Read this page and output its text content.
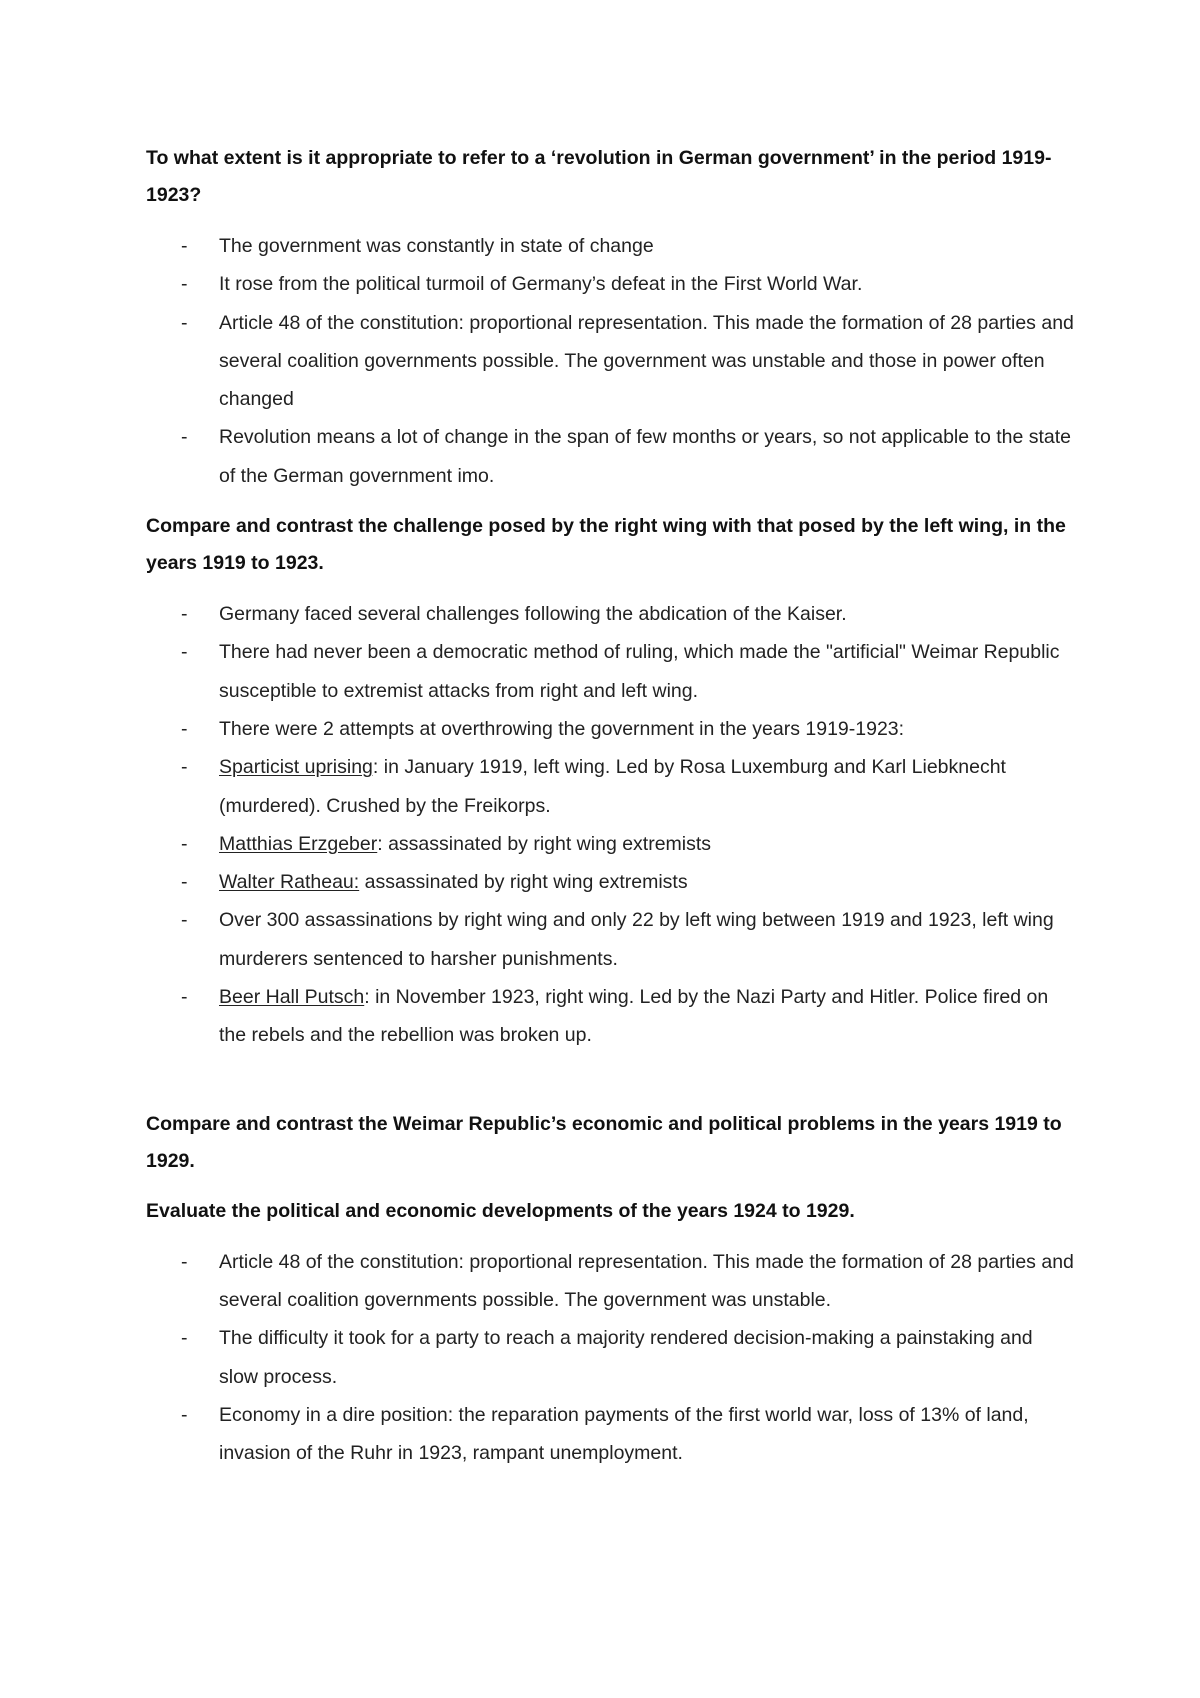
To what extent is it appropriate to refer to a ‘revolution in German government’ in the period 1919-1923?

- The government was constantly in state of change
- It rose from the political turmoil of Germany’s defeat in the First World War.
- Article 48 of the constitution: proportional representation. This made the formation of 28 parties and several coalition governments possible. The government was unstable and those in power often changed
- Revolution means a lot of change in the span of few months or years, so not applicable to the state of the German government imo.

Compare and contrast the challenge posed by the right wing with that posed by the left wing, in the years 1919 to 1923.

- Germany faced several challenges following the abdication of the Kaiser.
- There had never been a democratic method of ruling, which made the "artificial" Weimar Republic susceptible to extremist attacks from right and left wing.
- There were 2 attempts at overthrowing the government in the years 1919-1923:
- Sparticist uprising: in January 1919, left wing. Led by Rosa Luxemburg and Karl Liebknecht (murdered). Crushed by the Freikorps.
- Matthias Erzgeber: assassinated by right wing extremists
- Walter Ratheau: assassinated by right wing extremists
- Over 300 assassinations by right wing and only 22 by left wing between 1919 and 1923, left wing murderers sentenced to harsher punishments.
- Beer Hall Putsch: in November 1923, right wing. Led by the Nazi Party and Hitler. Police fired on the rebels and the rebellion was broken up.

Compare and contrast the Weimar Republic’s economic and political problems in the years 1919 to 1929.

Evaluate the political and economic developments of the years 1924 to 1929.

- Article 48 of the constitution: proportional representation. This made the formation of 28 parties and several coalition governments possible. The government was unstable.
- The difficulty it took for a party to reach a majority rendered decision-making a painstaking and slow process.
- Economy in a dire position: the reparation payments of the first world war, loss of 13% of land, invasion of the Ruhr in 1923, rampant unemployment.
